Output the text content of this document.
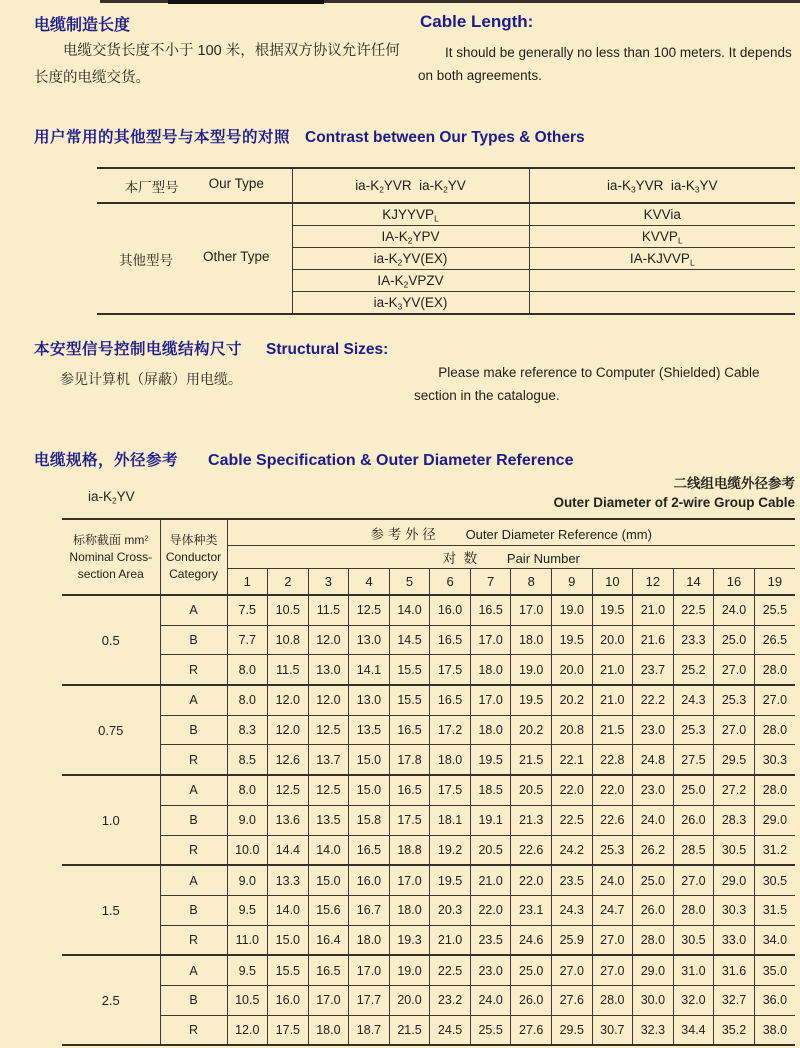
电缆制造长度
电缆交货长度不小于 100 米，根据双方协议允许任何长度的电缆交货。
Cable Length:
It should be generally no less than 100 meters. It depends on both agreements.
用户常用的其他型号与本型号的对照 Contrast between Our Types & Others
本厂型号 Our Type	$ia-K_2YVR$  $ia-K_2YV$	$ia-K_3YVR$  $ia-K_3YV$

其他型号 Other Type	$KJYYVP_L$	KVVia
	$IA-K_2YPV$	$KVVP_L$
	$ia-K_2YV(EX)$	$IA-KJVVP_L$
	$IA-K_2VPZV$	
	$ia-K_3YV(EX)$	
本安型信号控制电缆结构尺寸 Structural Sizes:
参见计算机（屏蔽）用电缆。	Please make reference to Computer (Shielded) Cable section in the catalogue.
电缆规格，外径参考 Cable Specification & Outer Diameter Reference
$ia-K_2YV$
二线组电缆外径参考
Outer Diameter of 2-wire Group Cable
标称截面 $mm^2$
Nominal Cross-
section Area

导体种类
Conductor
Category
	参 考 外 径 Outer Diameter Reference (mm)
		对  数 Pair Number													
		1	2	3	4	5	6	7	8	9	10	12	14	16	19
0.5	A	7.5	10.5	11.5	12.5	14.0	16.0	16.5	17.0	19.0	19.5	21.0	22.5	24.0	25.5
	B	7.7	10.8	12.0	13.0	14.5	16.5	17.0	18.0	19.5	20.0	21.6	23.3	25.0	26.5
	R	8.0	11.5	13.0	14.1	15.5	17.5	18.0	19.0	20.0	21.0	23.7	25.2	27.0	28.0
0.75	A	8.0	12.0	12.0	13.0	15.5	16.5	17.0	19.5	20.2	21.0	22.2	24.3	25.3	27.0
	B	8.3	12.0	12.5	13.5	16.5	17.2	18.0	20.2	20.8	21.5	23.0	25.3	27.0	28.0
	R	8.5	12.6	13.7	15.0	17.8	18.0	19.5	21.5	22.1	22.8	24.8	27.5	29.5	30.3
1.0	A	8.0	12.5	12.5	15.0	16.5	17.5	18.5	20.5	22.0	22.0	23.0	25.0	27.2	28.0
	B	9.0	13.6	13.5	15.8	17.5	18.1	19.1	21.3	22.5	22.6	24.0	26.0	28.3	29.0
	R	10.0	14.4	14.0	16.5	18.8	19.2	20.5	22.6	24.2	25.3	26.2	28.5	30.5	31.2
1.5	A	9.0	13.3	15.0	16.0	17.0	19.5	21.0	22.0	23.5	24.0	25.0	27.0	29.0	30.5
	B	9.5	14.0	15.6	16.7	18.0	20.3	22.0	23.1	24.3	24.7	26.0	28.0	30.3	31.5
	R	11.0	15.0	16.4	18.0	19.3	21.0	23.5	24.6	25.9	27.0	28.0	30.5	33.0	34.0
2.5	A	9.5	15.5	16.5	17.0	19.0	22.5	23.0	25.0	27.0	27.0	29.0	31.0	31.6	35.0
	B	10.5	16.0	17.0	17.7	20.0	23.2	24.0	26.0	27.6	28.0	30.0	32.0	32.7	36.0
	R	12.0	17.5	18.0	18.7	21.5	24.5	25.5	27.6	29.5	30.7	32.3	34.4	35.2	38.0
